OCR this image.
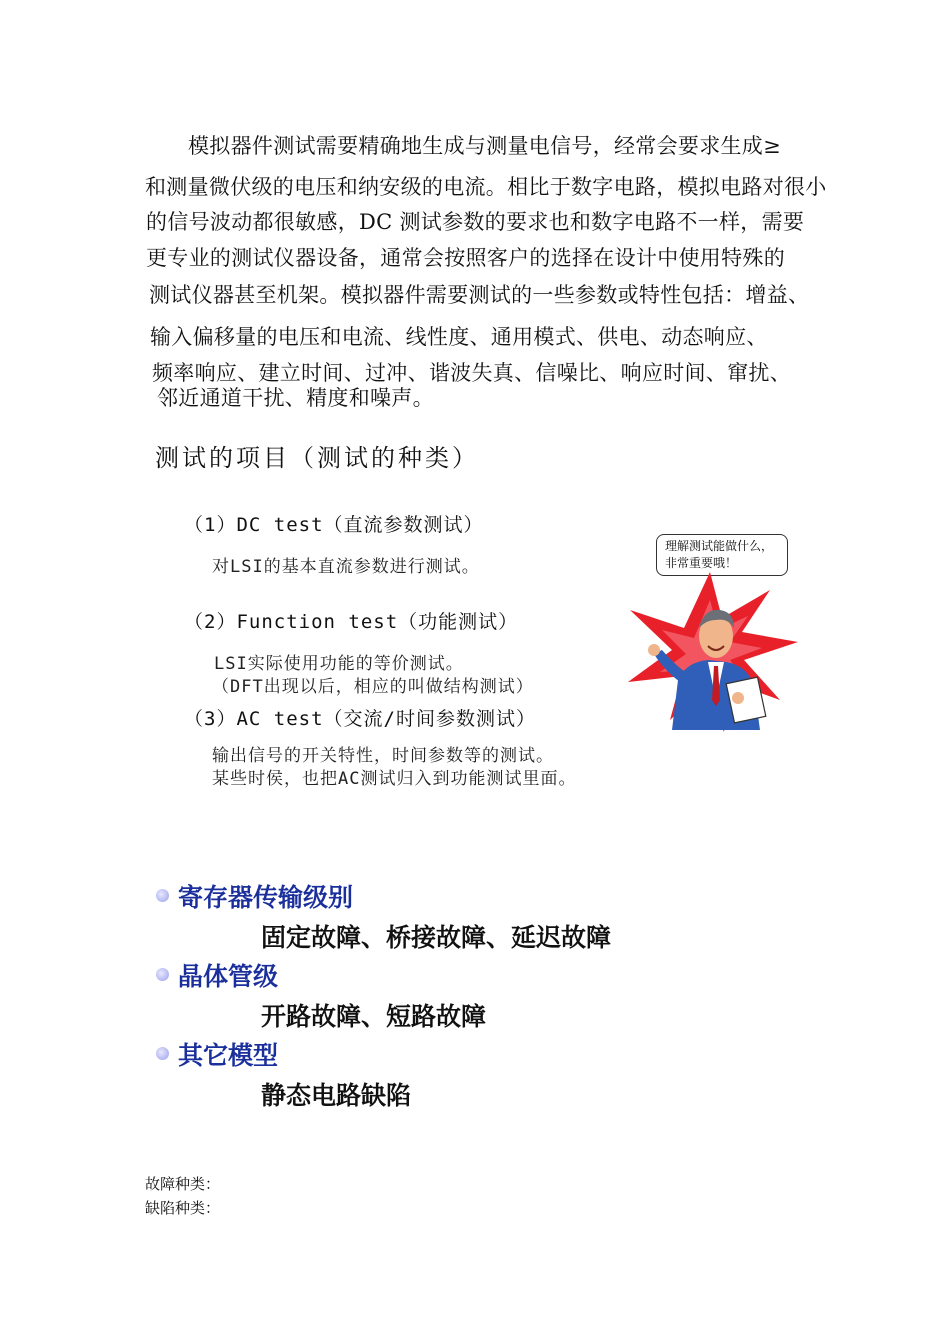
模拟器件测试需要精确地生成与测量电信号，经常会要求生成≥
和测量微伏级的电压和纳安级的电流。相比于数字电路，模拟电路对很小
的信号波动都很敏感，DC 测试参数的要求也和数字电路不一样，需要
更专业的测试仪器设备，通常会按照客户的选择在设计中使用特殊的
测试仪器甚至机架。模拟器件需要测试的一些参数或特性包括：增益、
输入偏移量的电压和电流、线性度、通用模式、供电、动态响应、
频率响应、建立时间、过冲、谐波失真、信噪比、响应时间、窜扰、
邻近通道干扰、精度和噪声。
测试的项目（测试的种类）
（1）DC test（直流参数测试）
对LSI的基本直流参数进行测试。
（2）Function test（功能测试）
LSI实际使用功能的等价测试。
（DFT出现以后，相应的叫做结构测试）
（3）AC test（交流/时间参数测试）
输出信号的开关特性，时间参数等的测试。
某些时侯，也把AC测试归入到功能测试里面。
理解测试能做什么，
非常重要哦！
寄存器传输级别
固定故障、桥接故障、延迟故障
晶体管级
开路故障、短路故障
其它模型
静态电路缺陷
故障种类：
缺陷种类：
